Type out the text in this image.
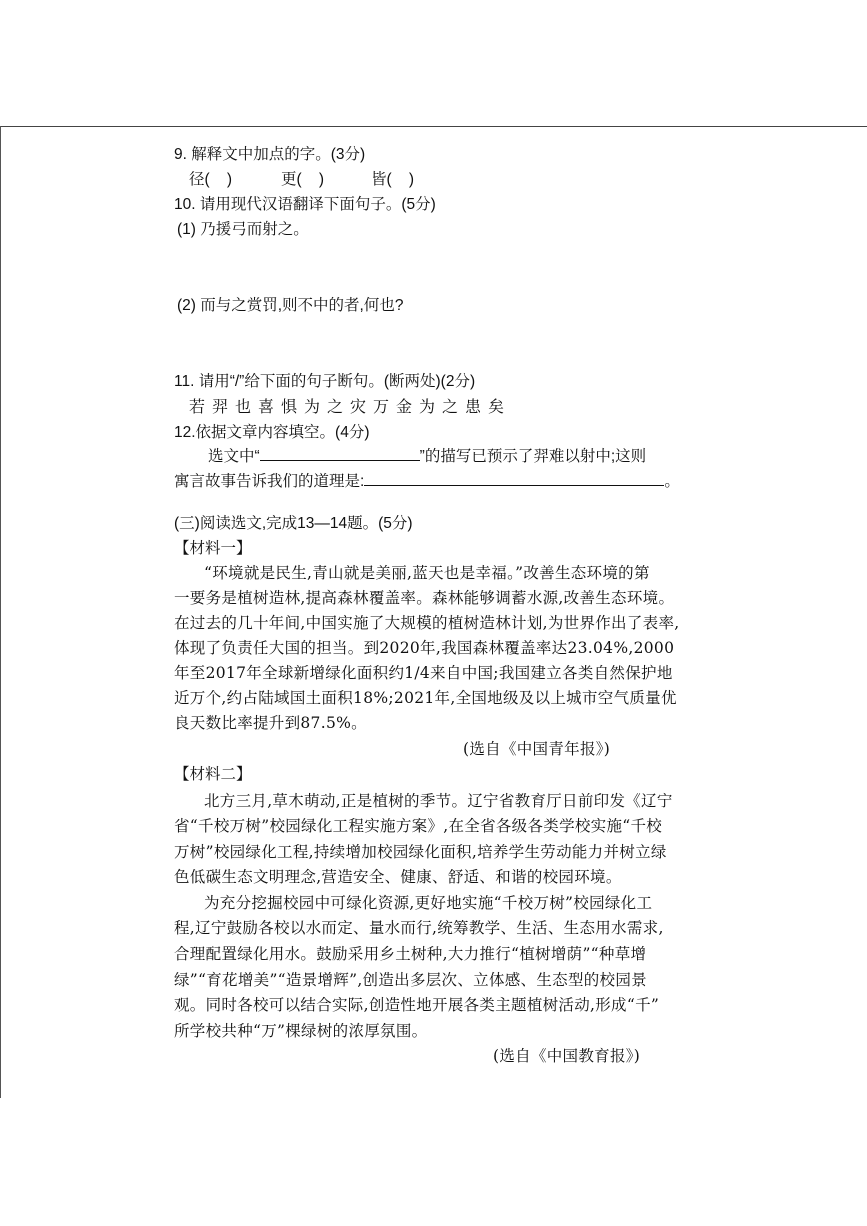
9. 解释文中加点的字。(3分)
径(    )	更(    )	皆(    )
10. 请用现代汉语翻译下面句子。(5分)
(1) 乃援弓而射之。
(2) 而与之赏罚,则不中的者,何也?
11. 请用“/”给下面的句子断句。(断两处)(2分)
若羿也喜惧为之灾万金为之患矣
12.依据文章内容填空。(4分)
选文中“	”的描写已预示了羿难以射中;这则
寓言故事告诉我们的道理是:	。
(三)阅读选文,完成13—14题。(5分)
【材料一】
“环境就是民生,青山就是美丽,蓝天也是幸福。”改善生态环境的第
一要务是植树造林,提高森林覆盖率。森林能够调蓄水源,改善生态环境。
在过去的几十年间,中国实施了大规模的植树造林计划,为世界作出了表率,
体现了负责任大国的担当。到2020年,我国森林覆盖率达23.04%,2000
年至2017年全球新增绿化面积约1/4来自中国;我国建立各类自然保护地
近万个,约占陆域国土面积18%;2021年,全国地级及以上城市空气质量优
良天数比率提升到87.5%。
(选自《中国青年报》)
【材料二】
北方三月,草木萌动,正是植树的季节。辽宁省教育厅日前印发《辽宁
省“千校万树”校园绿化工程实施方案》,在全省各级各类学校实施“千校
万树”校园绿化工程,持续增加校园绿化面积,培养学生劳动能力并树立绿
色低碳生态文明理念,营造安全、健康、舒适、和谐的校园环境。
为充分挖掘校园中可绿化资源,更好地实施“千校万树”校园绿化工
程,辽宁鼓励各校以水而定、量水而行,统筹教学、生活、生态用水需求,
合理配置绿化用水。鼓励采用乡土树种,大力推行“植树增荫”“种草增
绿”“育花增美”“造景增辉”,创造出多层次、立体感、生态型的校园景
观。同时各校可以结合实际,创造性地开展各类主题植树活动,形成“千”
所学校共种“万”棵绿树的浓厚氛围。
(选自《中国教育报》)
